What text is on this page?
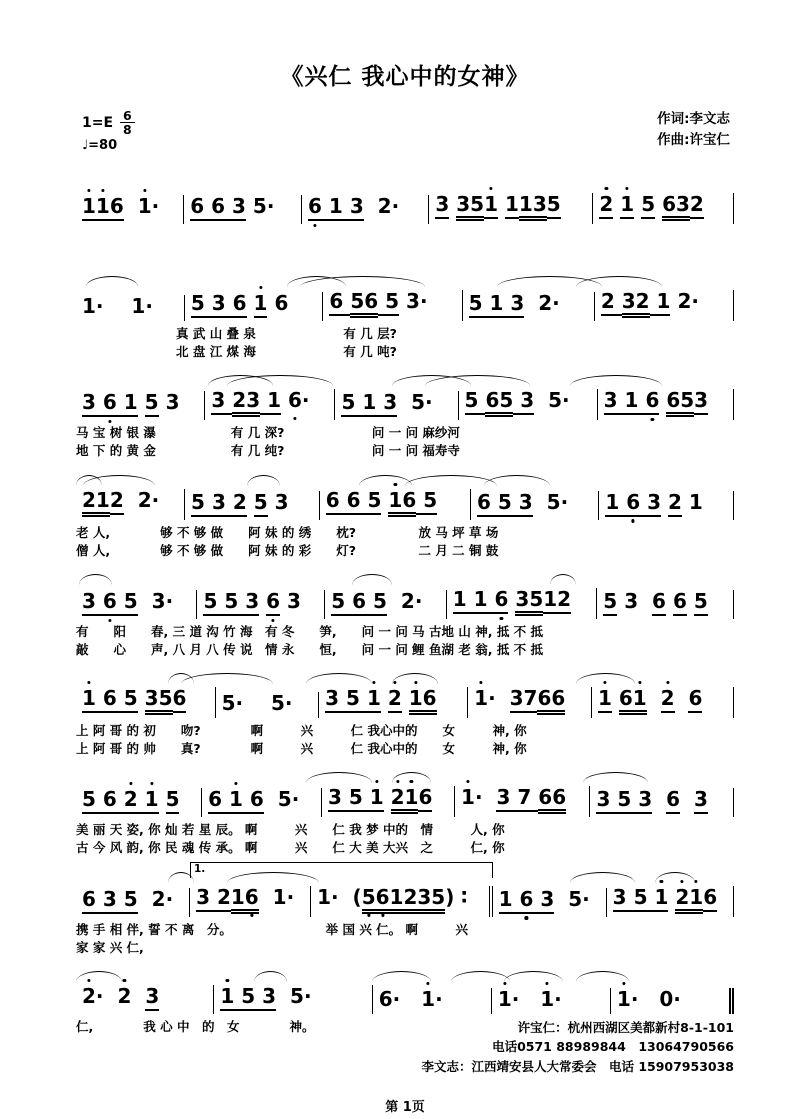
《兴仁 我心中的女神》
$1=E \frac{6}{8}$
♩=80
作词:李文志
作曲:许宝仁
116 1·	6 6 3 5·	6 1 3 2·	3 351 1135	2 1 5 632
1· 1·	5 3 6 1 6	6 56 5 3·	5 1 3 2·	2 32 1 2·
　　　　　　　　真 武 山 叠 泉　　　　　　　有 几 层?
　　　　　　　　北 盘 江 煤 海　　　　　　　有 几 吨?
3 6 1 5 3	3 23 1 6·	5 1 3 5·	5 65 3 5·	3 1 6 653
马 宝 树 银 瀑　　　　　　有 几 深?　　　　　　　问 一 问 麻纱河
地 下 的 黄 金　　　　　　有 几 纯?　　　　　　　问 一 问 福寿寺
212 2·	5 3 2 5 3	6 6 5 16 5	6 5 3 5·	1 6 3 2 1
老 人,　　　　够 不 够 做　　阿 妹 的 绣　　枕?　　　　　放 马 坪 草 场
僧 人,　　　　够 不 够 做　　阿 妹 的 彩　　灯?　　　　　二 月 二 铜 鼓
3 6 5 3·	5 5 3 6 3	5 6 5 2·	1 1 6 3512	5 3 6 6 5
有　　阳　　春, 三 道 沟 竹 海　有 冬　　笋,　　问 一 问 马 古地 山 神, 抵 不 抵
敲　　心　　声, 八 月 八 传 说　情 永　　恒,　　问 一 问 鲤 鱼湖 老 翁, 抵 不 抵
1 6 5 356	5· 5·	3 5 1 2 16	1· 3766	1 61 2 6
上 阿 哥 的 初　　吻?　　　　啊　　　兴　　　仁 我心中的　　女　　　神, 你
上 阿 哥 的 帅　　真?　　　　啊　　　兴　　　仁 我心中的　　女　　　神, 你
5 6 2 1 5	6 1 6 5·	3 5 1 216	1· 3 7 66	3 5 3 6 3
美 丽 天 姿, 你 灿 若 星 辰。 啊　　　兴　　仁 我 梦 中的　情　　　人, 你
古 今 风 韵, 你 民 魂 传 承。 啊　　　兴　　仁 大 美 大兴　之　　　仁, 你
6 3 5 2·	3 216 1·	1· (561235) ∶	1 6 3 5·	3 5 1 216
1.
携 手 相 伴, 誓 不 离　分。　　　　　　　　举 国 兴 仁。 啊　　　兴
家 家 兴 仁,
2· 2 3	1 5 3 5·	6· 1·	1· 1·	1· 0·
仁,　　　　我 心 中　的　女　　　　神。	许宝仁：杭州西湖区美都新村8-1-101
电话0571 88989844　13064790566
李文志：江西靖安县人大常委会　电话 15907953038
第 1页
